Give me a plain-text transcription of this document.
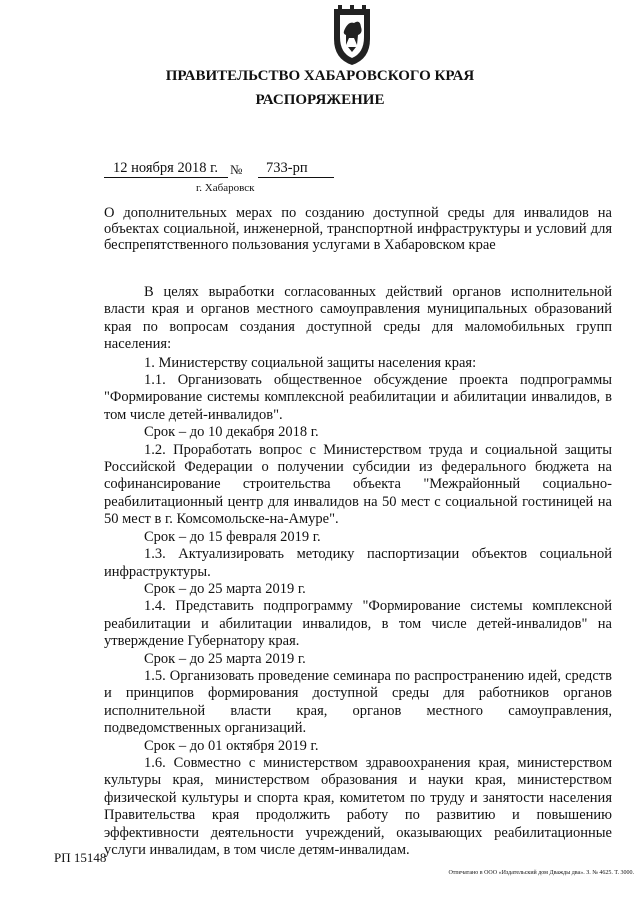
ПРАВИТЕЛЬСТВО ХАБАРОВСКОГО КРАЯ
РАСПОРЯЖЕНИЕ
12 ноября 2018 г. № 733-рп
г. Хабаровск
О дополнительных мерах по созданию доступной среды для инвалидов на объектах социальной, инженерной, транспортной инфраструктуры и условий для беспрепятственного пользования услугами в Хабаровском крае

В целях выработки согласованных действий органов исполнительной власти края и органов местного самоуправления муниципальных образований края по вопросам создания доступной среды для маломобильных групп населения:

1. Министерству социальной защиты населения края:

1.1. Организовать общественное обсуждение проекта подпрограммы "Формирование системы комплексной реабилитации и абилитации инвалидов, в том числе детей-инвалидов".

Срок – до 10 декабря 2018 г.

1.2. Проработать вопрос с Министерством труда и социальной защиты Российской Федерации о получении субсидии из федерального бюджета на софинансирование строительства объекта "Межрайонный социально-реабилитационный центр для инвалидов на 50 мест с социальной гостиницей на 50 мест в г. Комсомольске-на-Амуре".

Срок – до 15 февраля 2019 г.

1.3. Актуализировать методику паспортизации объектов социальной инфраструктуры.

Срок – до 25 марта 2019 г.

1.4. Представить подпрограмму "Формирование системы комплексной реабилитации и абилитации инвалидов, в том числе детей-инвалидов" на утверждение Губернатору края.

Срок – до 25 марта 2019 г.

1.5. Организовать проведение семинара по распространению идей, средств и принципов формирования доступной среды для работников органов исполнительной власти края, органов местного самоуправления, подведомственных организаций.

Срок – до 01 октября 2019 г.

1.6. Совместно с министерством здравоохранения края, министерством культуры края, министерством образования и науки края, министерством физической культуры и спорта края, комитетом по труду и занятости населения Правительства края продолжить работу по развитию и повышению эффективности деятельности учреждений, оказывающих реабилитационные услуги инвалидам, в том числе детям-инвалидам.

РП 15148
Отпечатано в ООО «Издательский дом Дважды два». З. № 4625. Т. 3000.
